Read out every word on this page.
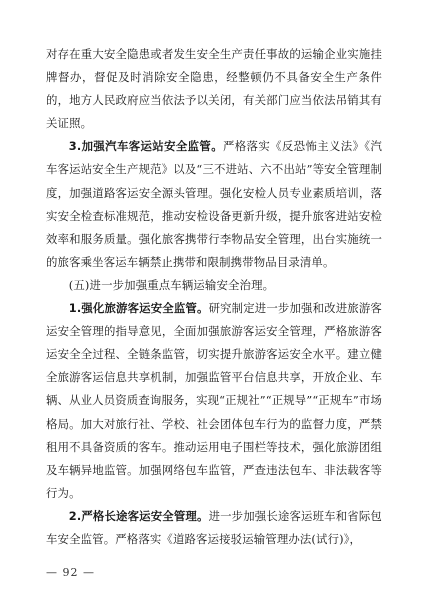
对存在重大安全隐患或者发生安全生产责任事故的运输企业实施挂牌督办，督促及时消除安全隐患，经整顿仍不具备安全生产条件的，地方人民政府应当依法予以关闭，有关部门应当依法吊销其有关证照。

3.加强汽车客运站安全监管。严格落实《反恐怖主义法》《汽车客运站安全生产规范》以及“三不进站、六不出站”等安全管理制度，加强道路客运安全源头管理。强化安检人员专业素质培训，落实安全检查标准规范，推动安检设备更新升级，提升旅客进站安检效率和服务质量。强化旅客携带行李物品安全管理，出台实施统一的旅客乘坐客运车辆禁止携带和限制携带物品目录清单。

(五)进一步加强重点车辆运输安全治理。

1.强化旅游客运安全监管。研究制定进一步加强和改进旅游客运安全管理的指导意见，全面加强旅游客运安全管理，严格旅游客运安全全过程、全链条监管，切实提升旅游客运安全水平。建立健全旅游客运信息共享机制，加强监管平台信息共享，开放企业、车辆、从业人员资质查询服务，实现“正规社”“正规导”“正规车”市场格局。加大对旅行社、学校、社会团体包车行为的监督力度，严禁租用不具备资质的客车。推动运用电子围栏等技术，强化旅游团组及车辆异地监管。加强网络包车监管，严查违法包车、非法载客等行为。

2.严格长途客运安全管理。进一步加强长途客运班车和省际包车安全监管。严格落实《道路客运接驳运输管理办法(试行)》，

— 92 —
